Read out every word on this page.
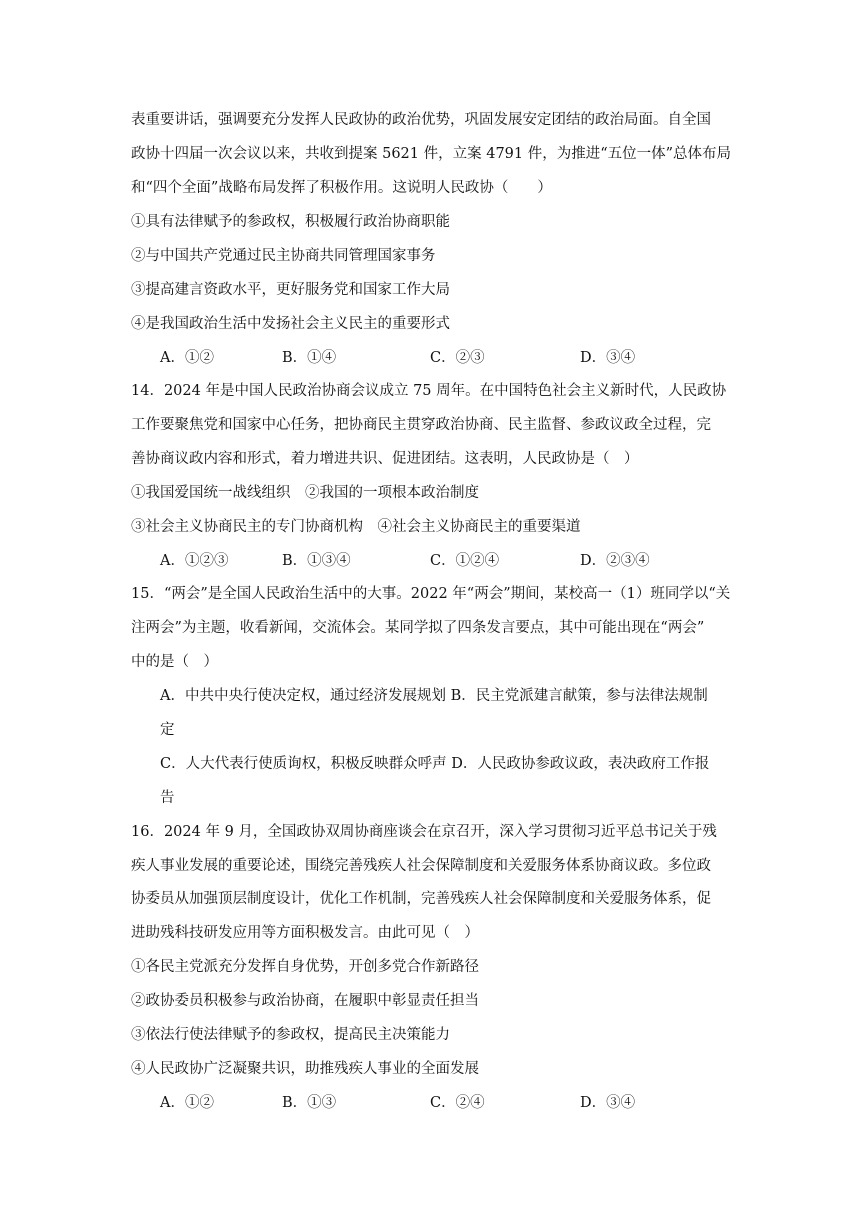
表重要讲话，强调要充分发挥人民政协的政治优势，巩固发展安定团结的政治局面。自全国
政协十四届一次会议以来，共收到提案 5621 件，立案 4791 件，为推进“五位一体”总体布局
和“四个全面”战略布局发挥了积极作用。这说明人民政协（　　）
①具有法律赋予的参政权，积极履行政治协商职能
②与中国共产党通过民主协商共同管理国家事务
③提高建言资政水平，更好服务党和国家工作大局
④是我国政治生活中发扬社会主义民主的重要形式
A．①②	B．①④	C．②③	D．③④
14．2024 年是中国人民政治协商会议成立 75 周年。在中国特色社会主义新时代，人民政协
工作要聚焦党和国家中心任务，把协商民主贯穿政治协商、民主监督、参政议政全过程，完
善协商议政内容和形式，着力增进共识、促进团结。这表明，人民政协是（　）
①我国爱国统一战线组织　②我国的一项根本政治制度
③社会主义协商民主的专门协商机构　④社会主义协商民主的重要渠道
A．①②③	B．①③④	C．①②④	D．②③④
15．“两会”是全国人民政治生活中的大事。2022 年“两会”期间，某校高一（1）班同学以“关
注两会”为主题，收看新闻，交流体会。某同学拟了四条发言要点，其中可能出现在“两会”
中的是（　）
A．中共中央行使决定权，通过经济发展规划 B．民主党派建言献策，参与法律法规制
定
C．人大代表行使质询权，积极反映群众呼声 D．人民政协参政议政，表决政府工作报
告
16．2024 年 9 月，全国政协双周协商座谈会在京召开，深入学习贯彻习近平总书记关于残
疾人事业发展的重要论述，围绕完善残疾人社会保障制度和关爱服务体系协商议政。多位政
协委员从加强顶层制度设计，优化工作机制，完善残疾人社会保障制度和关爱服务体系，促
进助残科技研发应用等方面积极发言。由此可见（　）
①各民主党派充分发挥自身优势，开创多党合作新路径
②政协委员积极参与政治协商，在履职中彰显责任担当
③依法行使法律赋予的参政权，提高民主决策能力
④人民政协广泛凝聚共识，助推残疾人事业的全面发展
A．①②	B．①③	C．②④	D．③④
